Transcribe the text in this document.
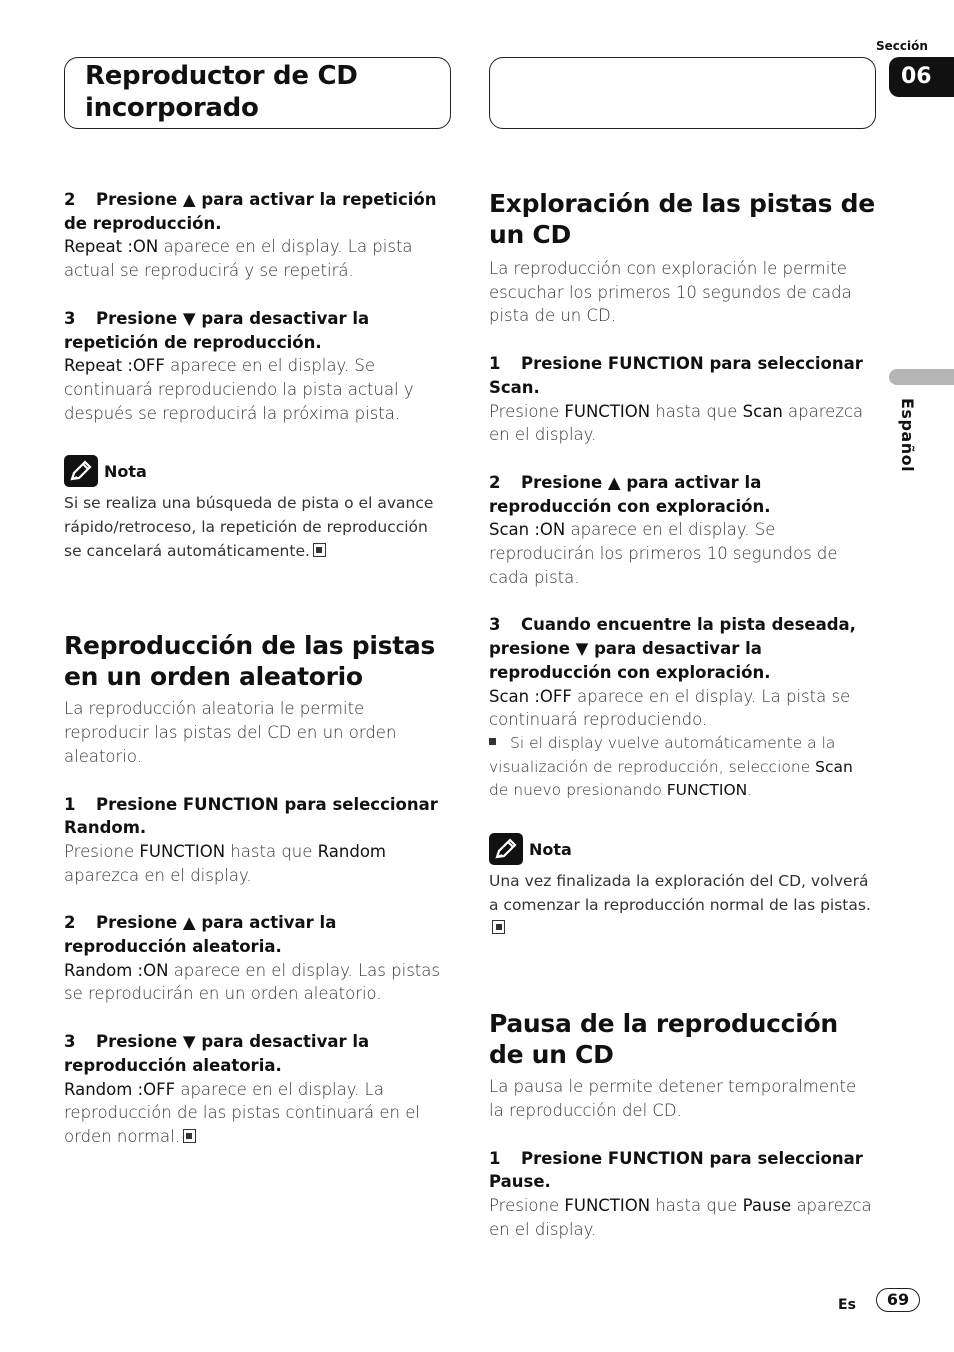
Reproductor de CD incorporado
Sección
06
Español

2 Presione ▲ para activar la repetición de reproducción.

Repeat :ON aparece en el display. La pista actual se reproducirá y se repetirá.

3 Presione ▼ para desactivar la repetición de reproducción.

Repeat :OFF aparece en el display. Se continuará reproduciendo la pista actual y después se reproducirá la próxima pista.

Nota

Si se realiza una búsqueda de pista o el avance rápido/retroceso, la repetición de reproducción se cancelará automáticamente.

Reproducción de las pistas en un orden aleatorio

La reproducción aleatoria le permite reproducir las pistas del CD en un orden aleatorio.

1 Presione FUNCTION para seleccionar Random.

Presione FUNCTION hasta que Random aparezca en el display.

2 Presione ▲ para activar la reproducción aleatoria.

Random :ON aparece en el display. Las pistas se reproducirán en un orden aleatorio.

3 Presione ▼ para desactivar la reproducción aleatoria.

Random :OFF aparece en el display. La reproducción de las pistas continuará en el orden normal.

Exploración de las pistas de un CD

La reproducción con exploración le permite escuchar los primeros 10 segundos de cada pista de un CD.

1 Presione FUNCTION para seleccionar Scan.

Presione FUNCTION hasta que Scan aparezca en el display.

2 Presione ▲ para activar la reproducción con exploración.

Scan :ON aparece en el display. Se reproducirán los primeros 10 segundos de cada pista.

3 Cuando encuentre la pista deseada, presione ▼ para desactivar la reproducción con exploración.

Scan :OFF aparece en el display. La pista se continuará reproduciendo.

Si el display vuelve automáticamente a la visualización de reproducción, seleccione Scan de nuevo presionando FUNCTION.

Nota

Una vez finalizada la exploración del CD, volverá a comenzar la reproducción normal de las pistas.

Pausa de la reproducción de un CD

La pausa le permite detener temporalmente la reproducción del CD.

1 Presione FUNCTION para seleccionar Pause.

Presione FUNCTION hasta que Pause aparezca en el display.

Es	69
